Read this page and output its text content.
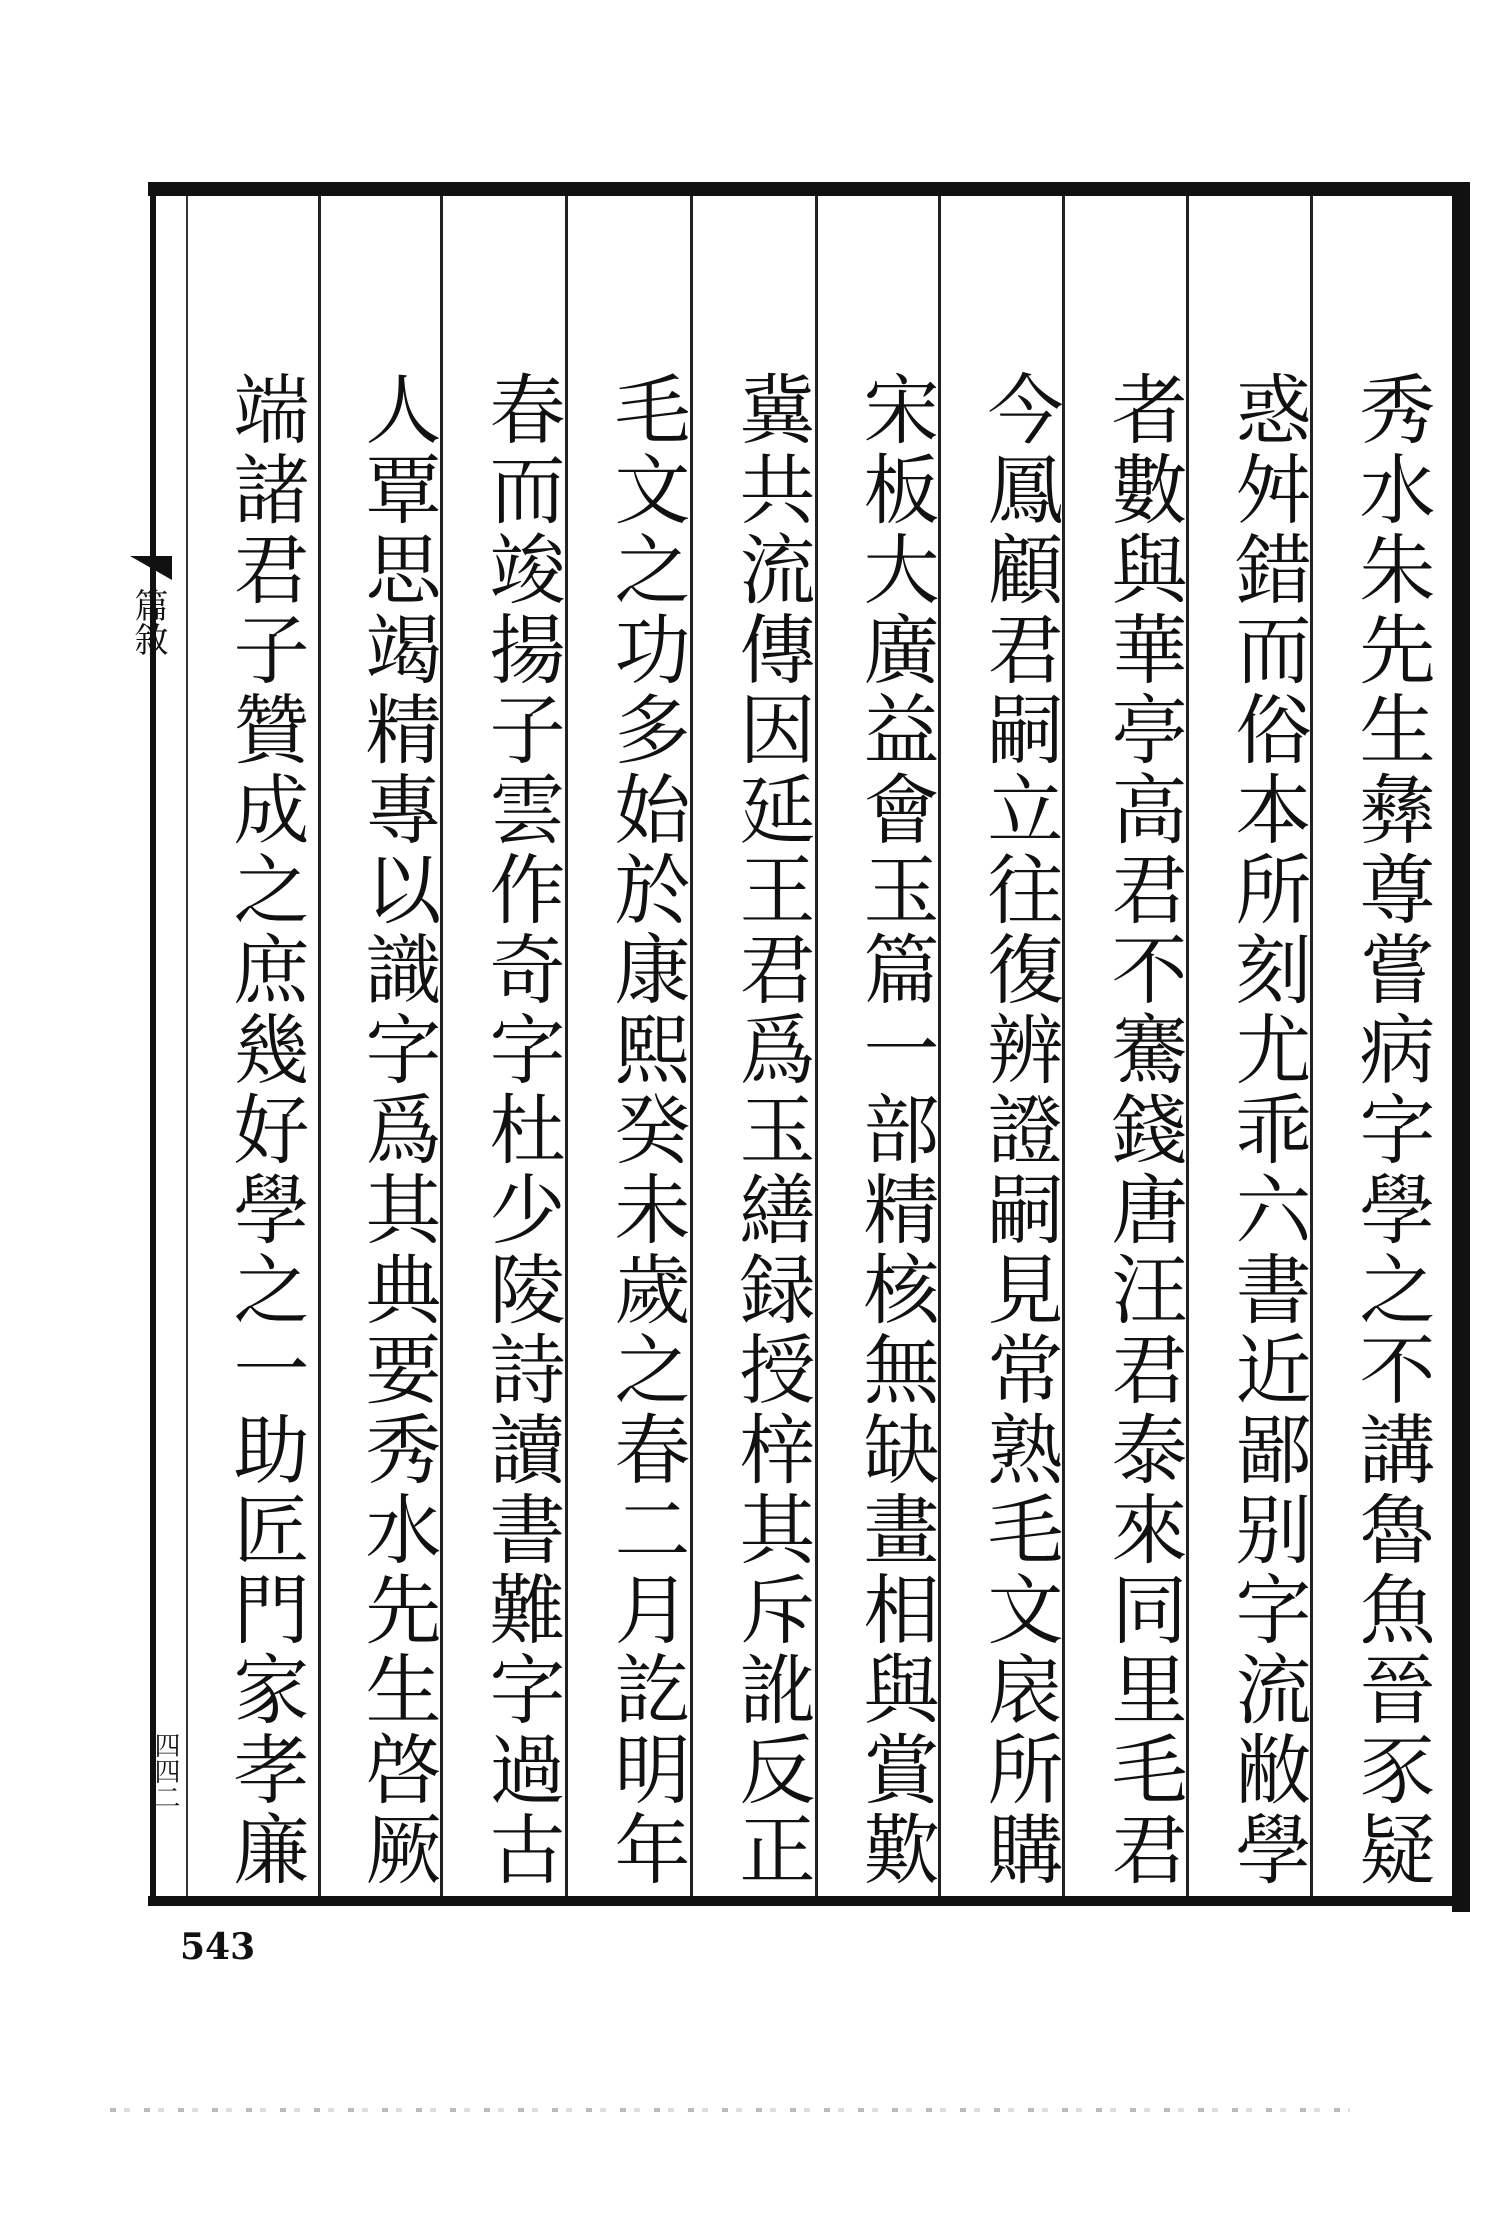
篇敘
四四二	秀水朱先生彝尊嘗病字學之不講魯魚晉豕疑
惑舛錯而俗本所刻尤乖六書近鄙别字流敝學
者數與華亭高君不騫錢唐汪君泰來同里毛君
今鳳顧君嗣立往復辨證嗣見常熟毛文扆所購
宋板大廣益會玉篇一部精核無缺畫相與賞歎
冀共流傳因延王君爲玉繕録授梓其斥訛反正
毛文之功多始於康熙癸未歲之春二月訖明年
春而竣揚子雲作奇字杜少陵詩讀書難字過古
人覃思竭精專以識字爲其典要秀水先生啓厥
端諸君子贊成之庶幾好學之一助匠門家孝廉
543
